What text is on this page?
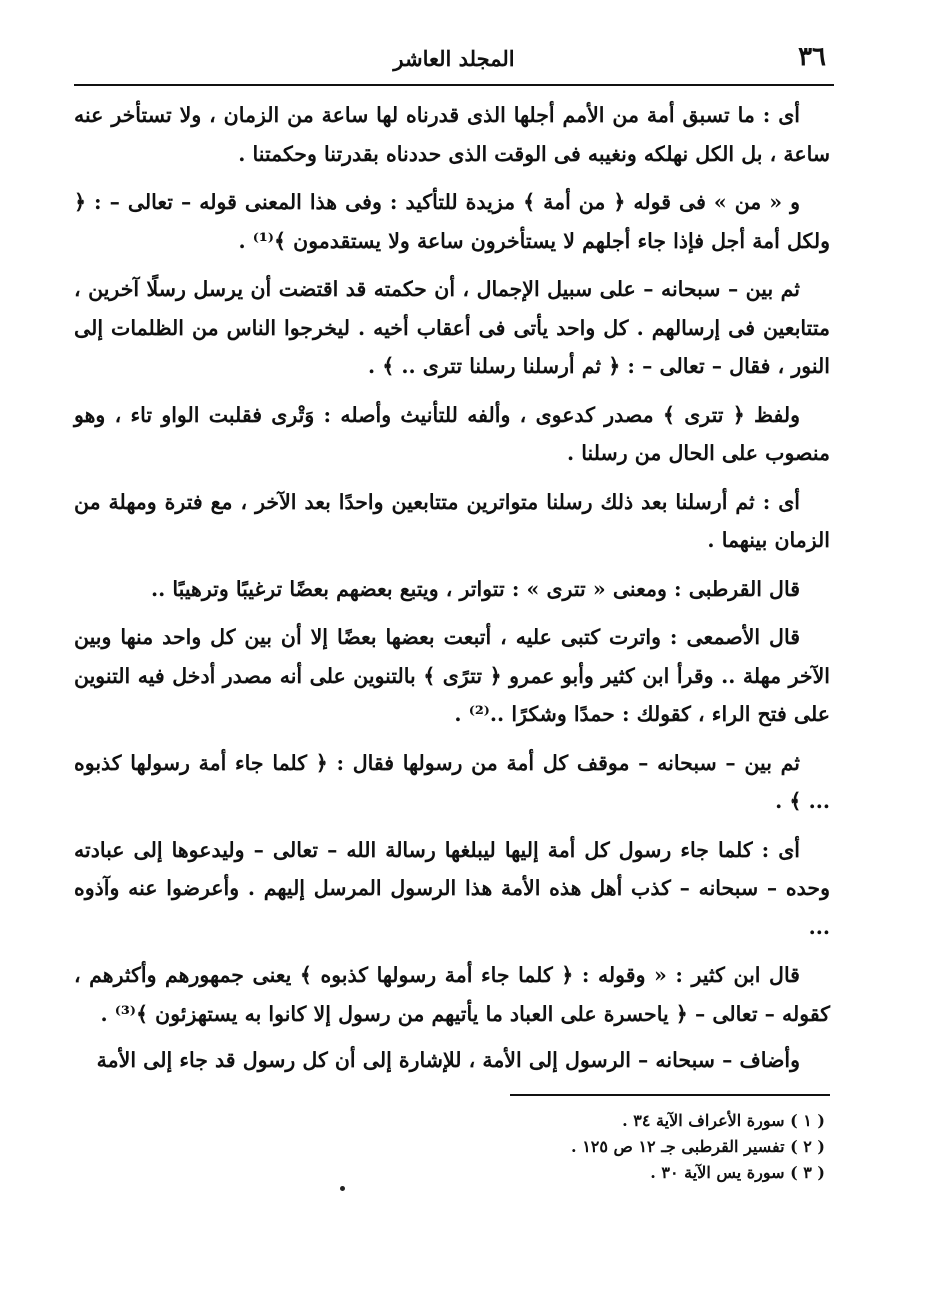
٣٦
المجلد العاشر

أى : ما تسبق أمة من الأمم أجلها الذى قدرناه لها ساعة من الزمان ، ولا تستأخر عنه ساعة ، بل الكل نهلكه ونغيبه فى الوقت الذى حددناه بقدرتنا وحكمتنا .

و « من » فى قوله ﴿ من أمة ﴾ مزيدة للتأكيد : وفى هذا المعنى قوله – تعالى – : ﴿ ولكل أمة أجل فإذا جاء أجلهم لا يستأخرون ساعة ولا يستقدمون ﴾⁽¹⁾ .

ثم بين – سبحانه – على سبيل الإجمال ، أن حكمته قد اقتضت أن يرسل رسلًا آخرين ، متتابعين فى إرسالهم . كل واحد يأتى فى أعقاب أخيه . ليخرجوا الناس من الظلمات إلى النور ، فقال – تعالى – : ﴿ ثم أرسلنا رسلنا تترى .. ﴾ .

ولفظ ﴿ تترى ﴾ مصدر كدعوى ، وألفه للتأنيث وأصله : وَتْرى فقلبت الواو تاء ، وهو منصوب على الحال من رسلنا .

أى : ثم أرسلنا بعد ذلك رسلنا متواترين متتابعين واحدًا بعد الآخر ، مع فترة ومهلة من الزمان بينهما .

قال القرطبى : ومعنى « تترى » : تتواتر ، ويتبع بعضهم بعضًا ترغيبًا وترهيبًا ..

قال الأصمعى : واترت كتبى عليه ، أتبعت بعضها بعضًا إلا أن بين كل واحد منها وبين الآخر مهلة .. وقرأ ابن كثير وأبو عمرو ﴿ تترًى ﴾ بالتنوين على أنه مصدر أدخل فيه التنوين على فتح الراء ، كقولك : حمدًا وشكرًا ..⁽²⁾ .

ثم بين – سبحانه – موقف كل أمة من رسولها فقال : ﴿ كلما جاء أمة رسولها كذبوه ... ﴾ .

أى : كلما جاء رسول كل أمة إليها ليبلغها رسالة الله – تعالى – وليدعوها إلى عبادته وحده – سبحانه – كذب أهل هذه الأمة هذا الرسول المرسل إليهم . وأعرضوا عنه وآذوه ...

قال ابن كثير : « وقوله : ﴿ كلما جاء أمة رسولها كذبوه ﴾ يعنى جمهورهم وأكثرهم ، كقوله – تعالى – ﴿ ياحسرة على العباد ما يأتيهم من رسول إلا كانوا به يستهزئون ﴾⁽³⁾ .

وأضاف – سبحانه – الرسول إلى الأمة ، للإشارة إلى أن كل رسول قد جاء إلى الأمة

( ١ ) سورة الأعراف الآية ٣٤ .
( ٢ ) تفسير القرطبى جـ ١٢ ص ١٢٥ .
( ٣ ) سورة يس الآية ٣٠ .
